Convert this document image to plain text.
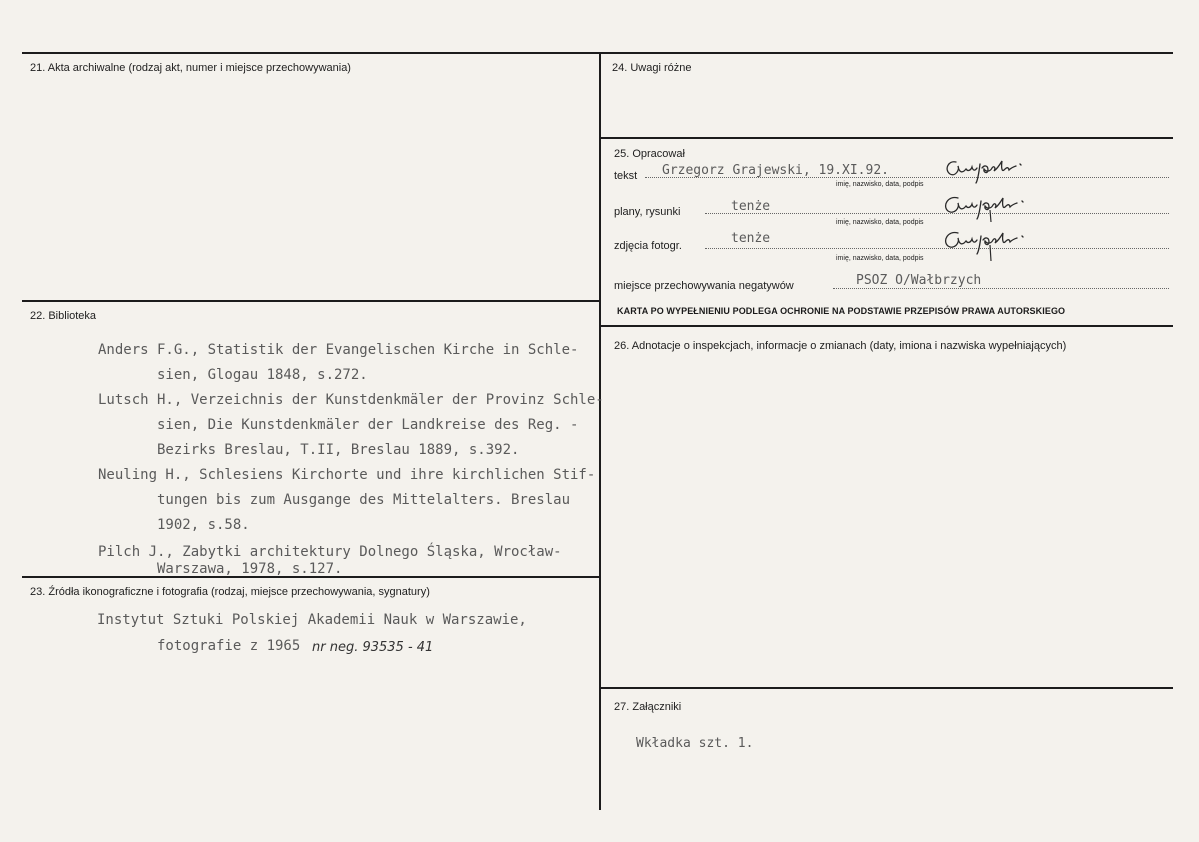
21. Akta archiwalne (rodzaj akt, numer i miejsce przechowywania)
22. Biblioteka
Anders F.G., Statistik der Evangelischen Kirche in Schle-
sien, Glogau 1848, s.272.
Lutsch H., Verzeichnis der Kunstdenkmäler der Provinz Schle-
sien, Die Kunstdenkmäler der Landkreise des Reg. -
Bezirks Breslau, T.II, Breslau 1889, s.392.
Neuling H., Schlesiens Kirchorte und ihre kirchlichen Stif-
tungen bis zum Ausgange des Mittelalters. Breslau
1902, s.58.
Pilch J., Zabytki architektury Dolnego Śląska, Wrocław-
Warszawa, 1978, s.127.
23. Źródła ikonograficzne i fotografia (rodzaj, miejsce przechowywania, sygnatury)
Instytut Sztuki Polskiej Akademii Nauk w Warszawie,
fotografie z 1965 nr neg. 93535 - 41
24. Uwagi różne
25. Opracował
tekst Grzegorz Grajewski, 19.XI.92.
imię, nazwisko, data, podpis
plany, rysunki	tenże
imię, nazwisko, data, podpis
zdjęcia fotogr.	tenże
imię, nazwisko, data, podpis
miejsce przechowywania negatywów	PSOZ O/Wałbrzych
KARTA PO WYPEŁNIENIU PODLEGA OCHRONIE NA PODSTAWIE PRZEPISÓW PRAWA AUTORSKIEGO
26. Adnotacje o inspekcjach, informacje o zmianach (daty, imiona i nazwiska wypełniających)
27. Załączniki
Wkładka szt. 1.
